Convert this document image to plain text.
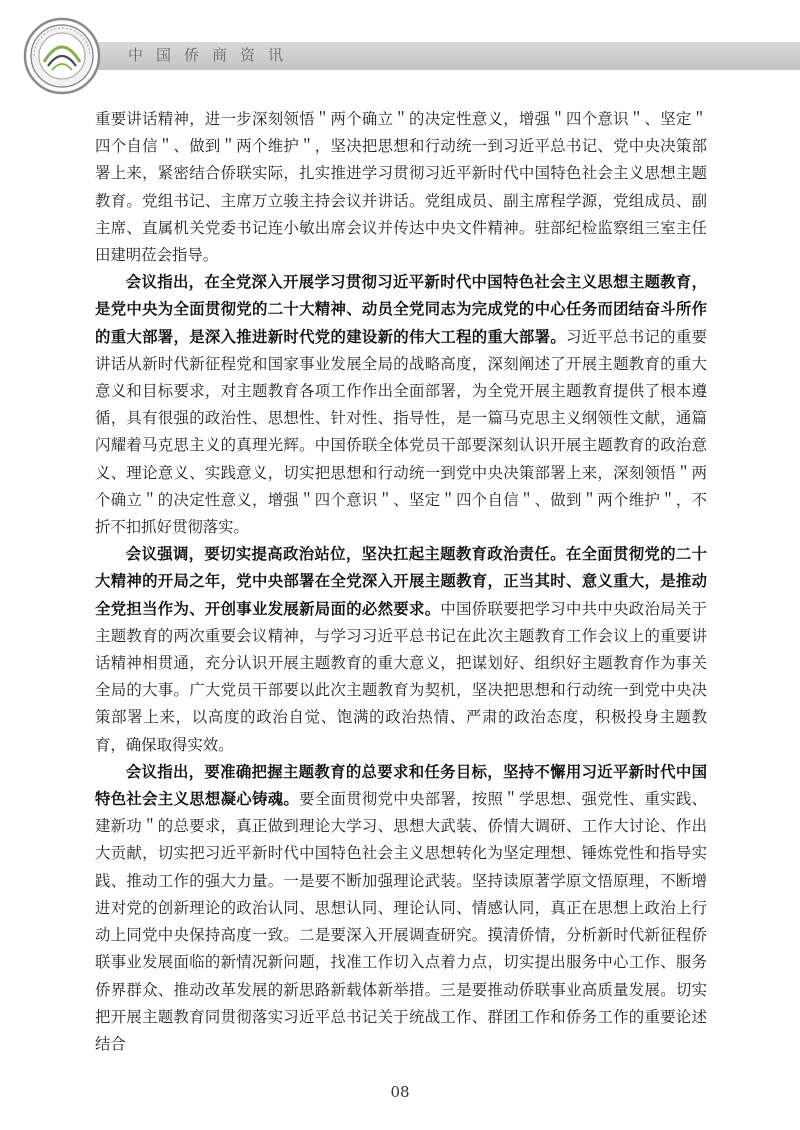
中国侨商资讯

重要讲话精神，进一步深刻领悟＂两个确立＂的决定性意义，增强＂四个意识＂、坚定＂四个自信＂、做到＂两个维护＂，坚决把思想和行动统一到习近平总书记、党中央决策部署上来，紧密结合侨联实际，扎实推进学习贯彻习近平新时代中国特色社会主义思想主题教育。党组书记、主席万立骏主持会议并讲话。党组成员、副主席程学源，党组成员、副主席、直属机关党委书记连小敏出席会议并传达中央文件精神。驻部纪检监察组三室主任田建明莅会指导。

会议指出，在全党深入开展学习贯彻习近平新时代中国特色社会主义思想主题教育，是党中央为全面贯彻党的二十大精神、动员全党同志为完成党的中心任务而团结奋斗所作的重大部署，是深入推进新时代党的建设新的伟大工程的重大部署。习近平总书记的重要讲话从新时代新征程党和国家事业发展全局的战略高度，深刻阐述了开展主题教育的重大意义和目标要求，对主题教育各项工作作出全面部署，为全党开展主题教育提供了根本遵循，具有很强的政治性、思想性、针对性、指导性，是一篇马克思主义纲领性文献，通篇闪耀着马克思主义的真理光辉。中国侨联全体党员干部要深刻认识开展主题教育的政治意义、理论意义、实践意义，切实把思想和行动统一到党中央决策部署上来，深刻领悟＂两个确立＂的决定性意义，增强＂四个意识＂、坚定＂四个自信＂、做到＂两个维护＂，不折不扣抓好贯彻落实。

会议强调，要切实提高政治站位，坚决扛起主题教育政治责任。在全面贯彻党的二十大精神的开局之年，党中央部署在全党深入开展主题教育，正当其时、意义重大，是推动全党担当作为、开创事业发展新局面的必然要求。中国侨联要把学习中共中央政治局关于主题教育的两次重要会议精神，与学习习近平总书记在此次主题教育工作会议上的重要讲话精神相贯通，充分认识开展主题教育的重大意义，把谋划好、组织好主题教育作为事关全局的大事。广大党员干部要以此次主题教育为契机，坚决把思想和行动统一到党中央决策部署上来，以高度的政治自觉、饱满的政治热情、严肃的政治态度，积极投身主题教育，确保取得实效。

会议指出，要准确把握主题教育的总要求和任务目标，坚持不懈用习近平新时代中国特色社会主义思想凝心铸魂。要全面贯彻党中央部署，按照＂学思想、强党性、重实践、建新功＂的总要求，真正做到理论大学习、思想大武装、侨情大调研、工作大讨论、作出大贡献，切实把习近平新时代中国特色社会主义思想转化为坚定理想、锤炼党性和指导实践、推动工作的强大力量。一是要不断加强理论武装。坚持读原著学原文悟原理，不断增进对党的创新理论的政治认同、思想认同、理论认同、情感认同，真正在思想上政治上行动上同党中央保持高度一致。二是要深入开展调查研究。摸清侨情，分析新时代新征程侨联事业发展面临的新情况新问题，找准工作切入点着力点，切实提出服务中心工作、服务侨界群众、推动改革发展的新思路新载体新举措。三是要推动侨联事业高质量发展。切实把开展主题教育同贯彻落实习近平总书记关于统战工作、群团工作和侨务工作的重要论述结合

08
